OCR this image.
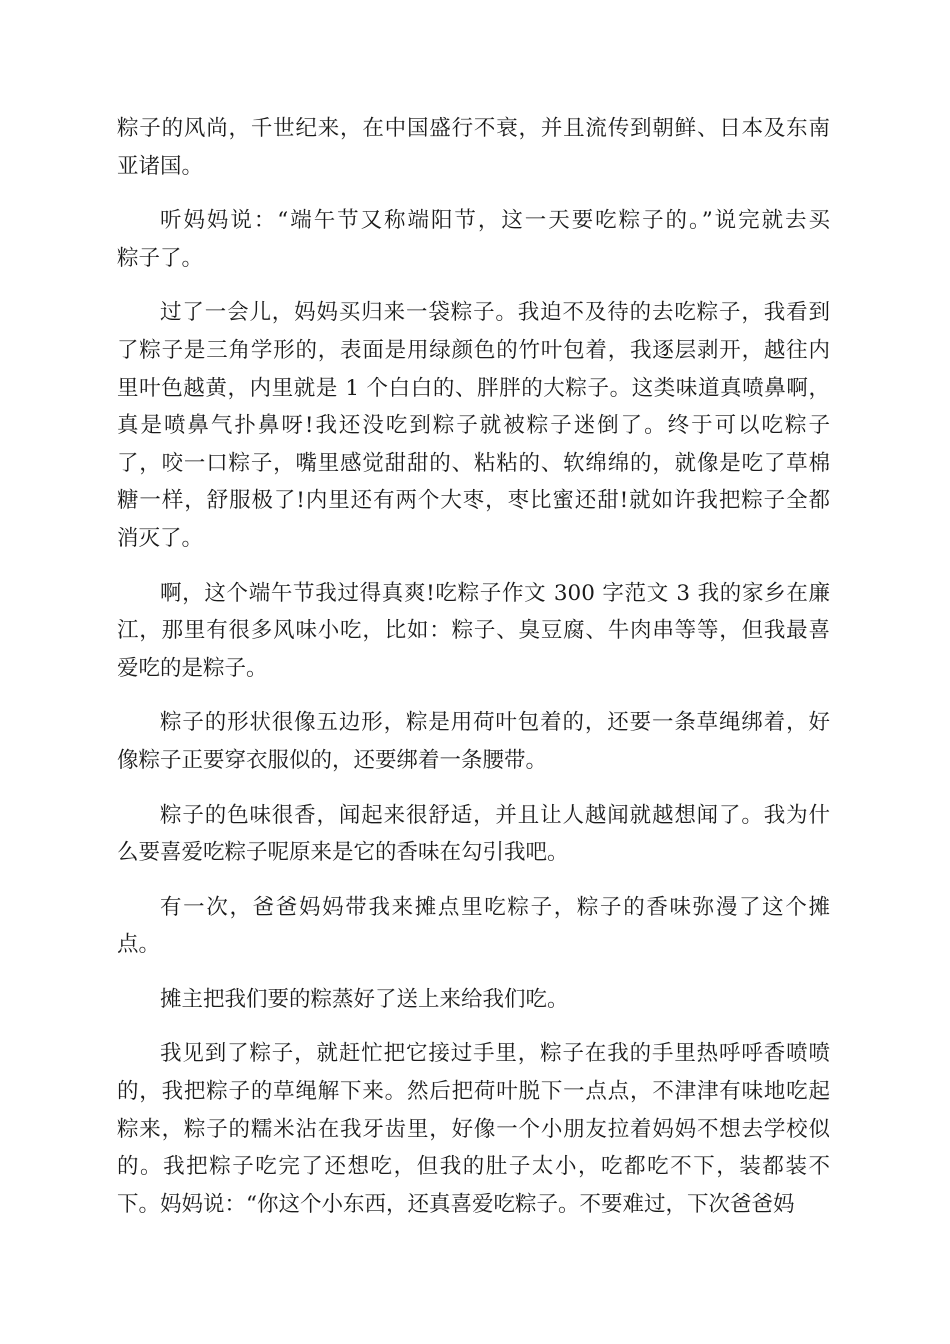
粽子的风尚，千世纪来，在中国盛行不衰，并且流传到朝鲜、日本及东南
亚诸国。
听妈妈说：“端午节又称端阳节，这一天要吃粽子的。”说完就去买
粽子了。
过了一会儿，妈妈买归来一袋粽子。我迫不及待的去吃粽子，我看到
了粽子是三角学形的，表面是用绿颜色的竹叶包着，我逐层剥开，越往内
里叶色越黄，内里就是 1 个白白的、胖胖的大粽子。这类味道真喷鼻啊，
真是喷鼻气扑鼻呀!我还没吃到粽子就被粽子迷倒了。终于可以吃粽子
了，咬一口粽子，嘴里感觉甜甜的、粘粘的、软绵绵的，就像是吃了草棉
糖一样，舒服极了!内里还有两个大枣，枣比蜜还甜!就如许我把粽子全都
消灭了。
啊，这个端午节我过得真爽!吃粽子作文 300 字范文 3 我的家乡在廉
江，那里有很多风味小吃，比如：粽子、臭豆腐、牛肉串等等，但我最喜
爱吃的是粽子。
粽子的形状很像五边形，粽是用荷叶包着的，还要一条草绳绑着，好
像粽子正要穿衣服似的，还要绑着一条腰带。
粽子的色味很香，闻起来很舒适，并且让人越闻就越想闻了。我为什
么要喜爱吃粽子呢原来是它的香味在勾引我吧。
有一次，爸爸妈妈带我来摊点里吃粽子，粽子的香味弥漫了这个摊
点。
摊主把我们要的粽蒸好了送上来给我们吃。
我见到了粽子，就赶忙把它接过手里，粽子在我的手里热呼呼香喷喷
的，我把粽子的草绳解下来。然后把荷叶脱下一点点，不津津有味地吃起
粽来，粽子的糯米沾在我牙齿里，好像一个小朋友拉着妈妈不想去学校似
的。我把粽子吃完了还想吃，但我的肚子太小，吃都吃不下，装都装不
下。妈妈说：“你这个小东西，还真喜爱吃粽子。不要难过，下次爸爸妈
